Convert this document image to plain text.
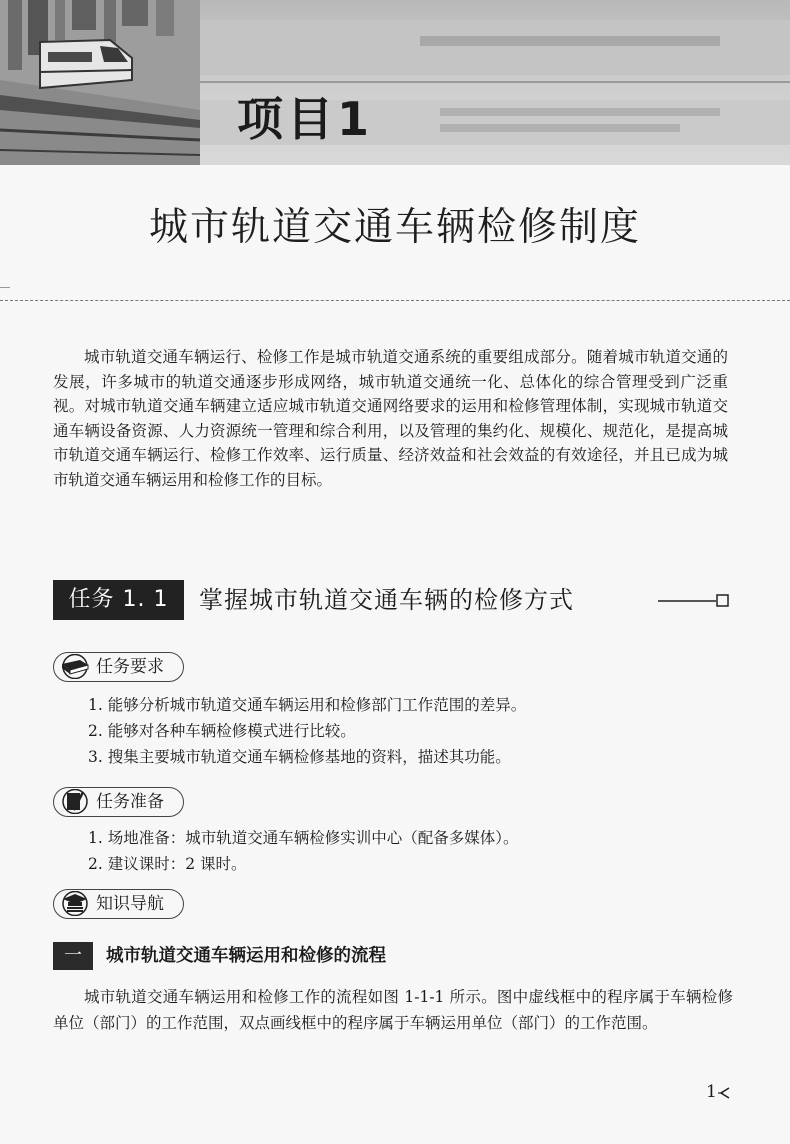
项目1
城市轨道交通车辆检修制度

城市轨道交通车辆运行、检修工作是城市轨道交通系统的重要组成部分。随着城市轨道交通的发展，许多城市的轨道交通逐步形成网络，城市轨道交通统一化、总体化的综合管理受到广泛重视。对城市轨道交通车辆建立适应城市轨道交通网络要求的运用和检修管理体制，实现城市轨道交通车辆设备资源、人力资源统一管理和综合利用，以及管理的集约化、规模化、规范化，是提高城市轨道交通车辆运行、检修工作效率、运行质量、经济效益和社会效益的有效途径，并且已成为城市轨道交通车辆运用和检修工作的目标。

任务 1. 1	掌握城市轨道交通车辆的检修方式
任务要求
1. 能够分析城市轨道交通车辆运用和检修部门工作范围的差异。
2. 能够对各种车辆检修模式进行比较。
3. 搜集主要城市轨道交通车辆检修基地的资料，描述其功能。
任务准备
1. 场地准备：城市轨道交通车辆检修实训中心（配备多媒体）。
2. 建议课时：2 课时。
知识导航
一	城市轨道交通车辆运用和检修的流程

城市轨道交通车辆运用和检修工作的流程如图 1-1-1 所示。图中虚线框中的程序属于车辆检修单位（部门）的工作范围，双点画线框中的程序属于车辆运用单位（部门）的工作范围。

1
